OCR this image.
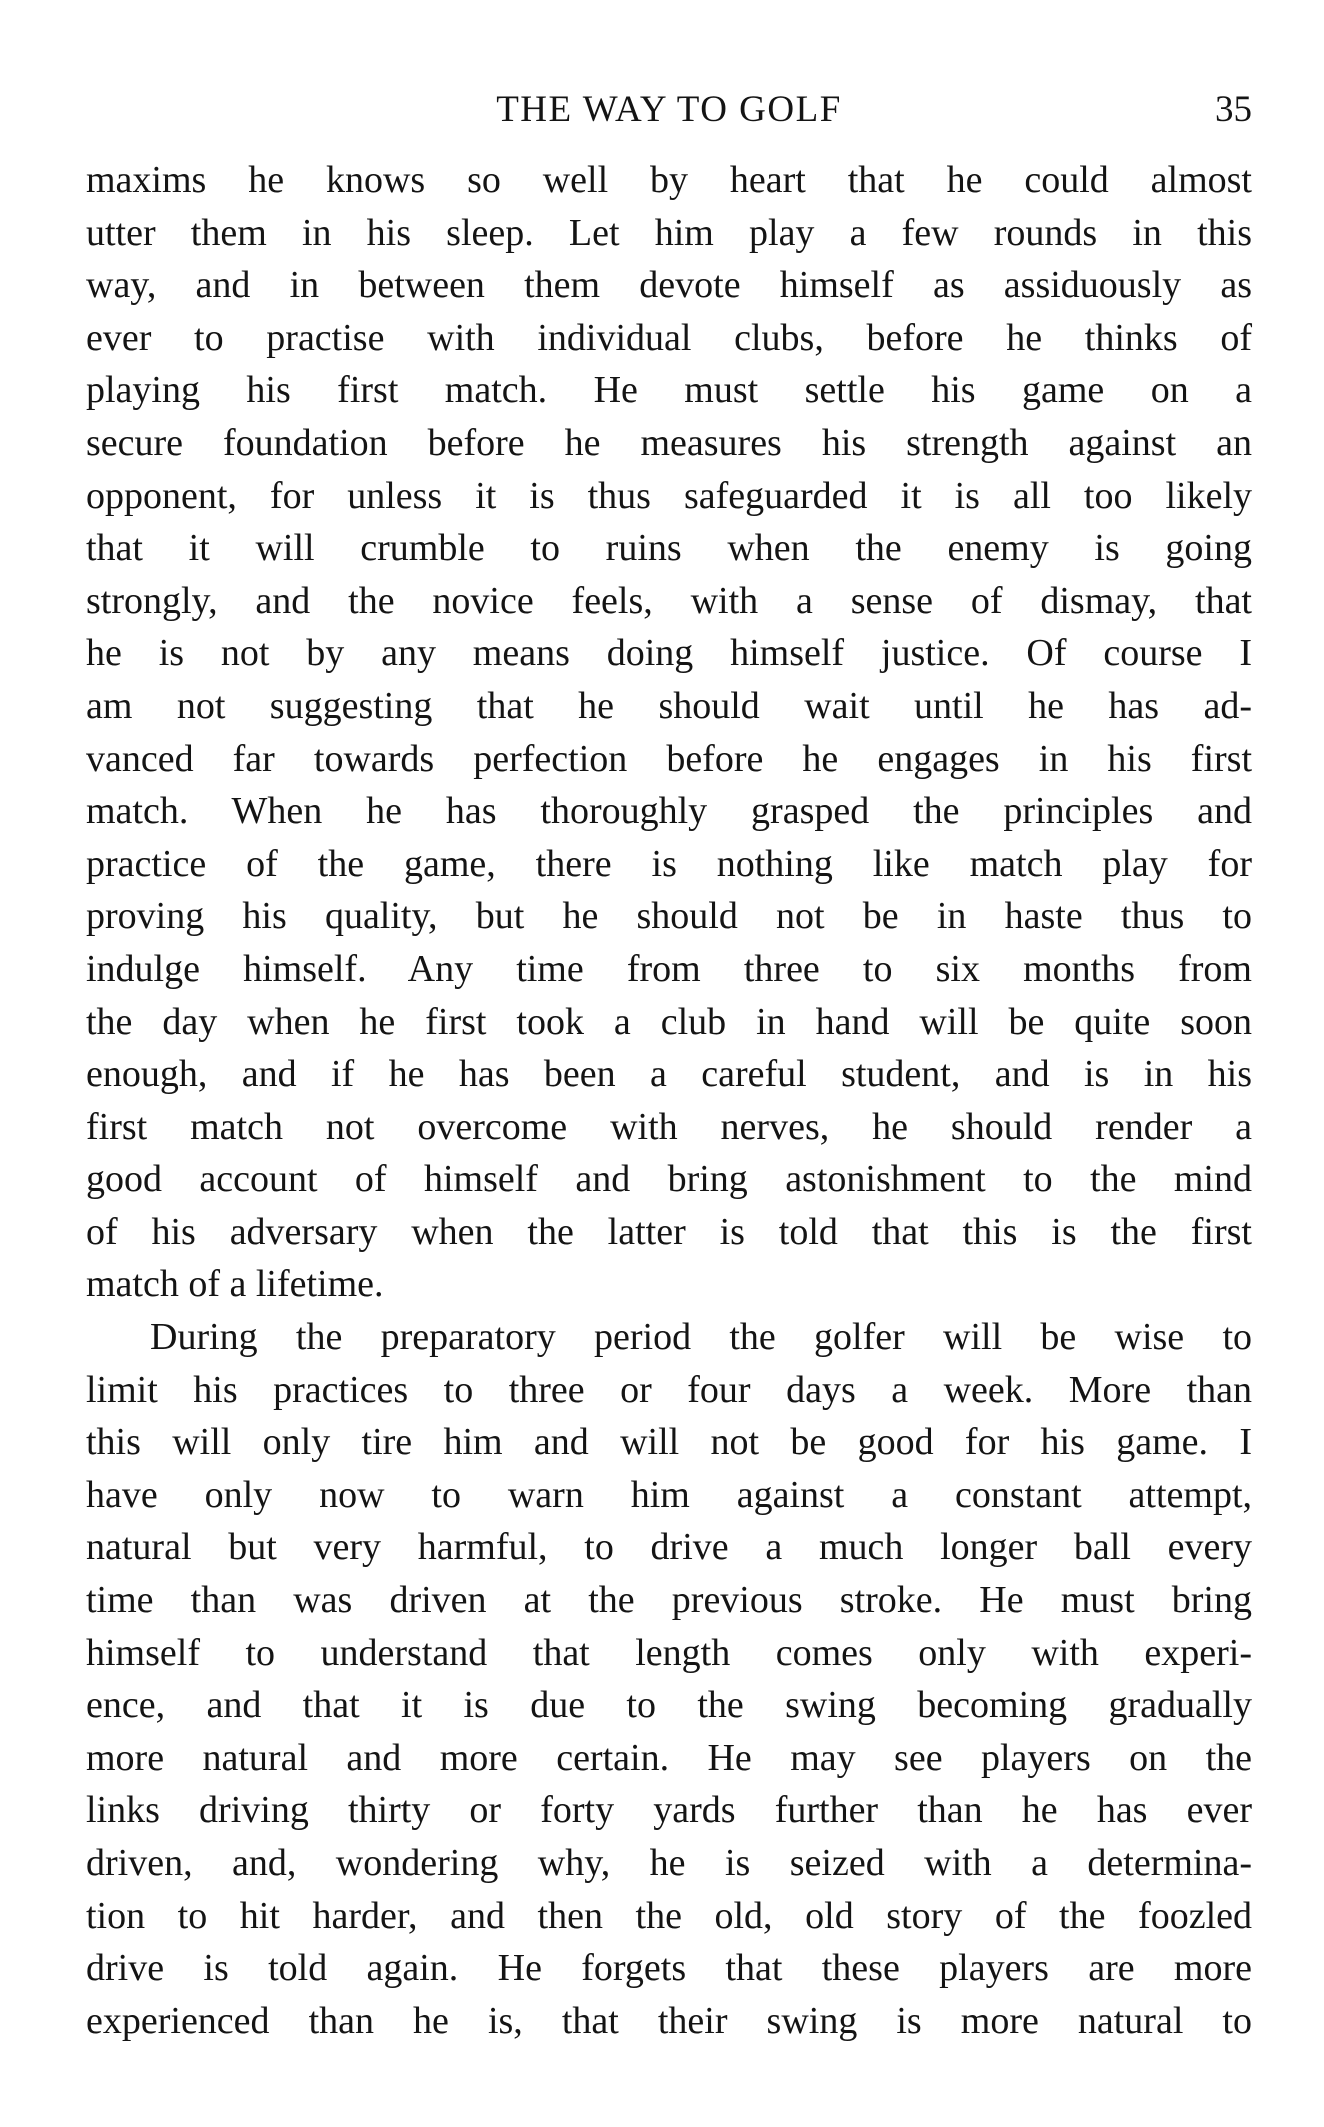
THE WAY TO GOLF	35

maxims he knows so well by heart that he could almost
utter them in his sleep. Let him play a few rounds in this
way, and in between them devote himself as assiduously as
ever to practise with individual clubs, before he thinks of
playing his first match. He must settle his game on a
secure foundation before he measures his strength against an
opponent, for unless it is thus safeguarded it is all too likely
that it will crumble to ruins when the enemy is going
strongly, and the novice feels, with a sense of dismay, that
he is not by any means doing himself justice. Of course I
am not suggesting that he should wait until he has ad-
vanced far towards perfection before he engages in his first
match. When he has thoroughly grasped the principles and
practice of the game, there is nothing like match play for
proving his quality, but he should not be in haste thus to
indulge himself. Any time from three to six months from
the day when he first took a club in hand will be quite soon
enough, and if he has been a careful student, and is in his
first match not overcome with nerves, he should render a
good account of himself and bring astonishment to the mind
of his adversary when the latter is told that this is the first
match of a lifetime.

During the preparatory period the golfer will be wise to
limit his practices to three or four days a week. More than
this will only tire him and will not be good for his game. I
have only now to warn him against a constant attempt,
natural but very harmful, to drive a much longer ball every
time than was driven at the previous stroke. He must bring
himself to understand that length comes only with experi-
ence, and that it is due to the swing becoming gradually
more natural and more certain. He may see players on the
links driving thirty or forty yards further than he has ever
driven, and, wondering why, he is seized with a determina-
tion to hit harder, and then the old, old story of the foozled
drive is told again. He forgets that these players are more
experienced than he is, that their swing is more natural to
